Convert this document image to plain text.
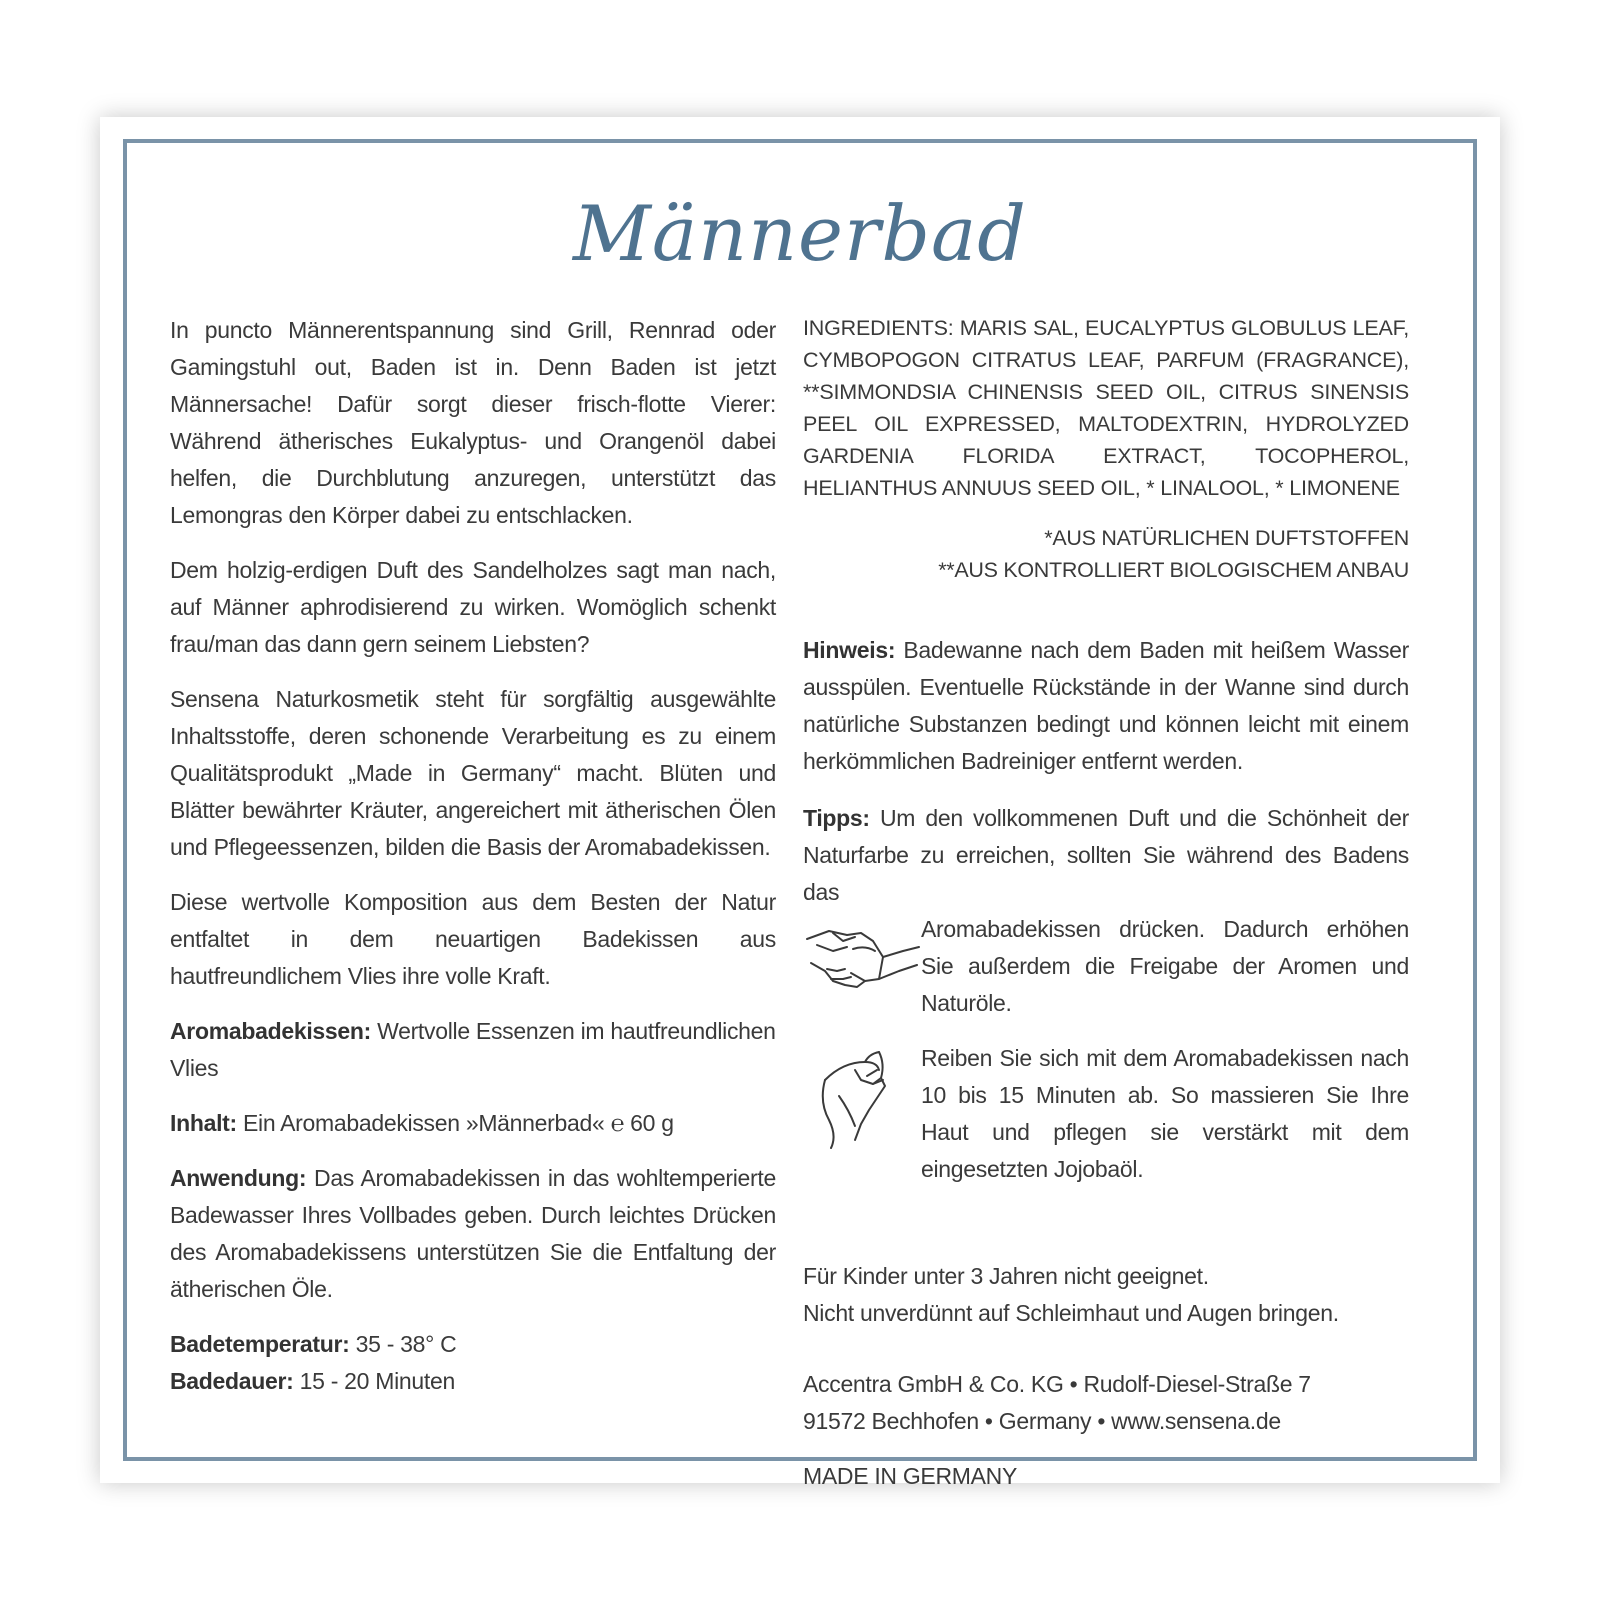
Männerbad

In puncto Männerentspannung sind Grill, Rennrad oder Gamingstuhl out, Baden ist in. Denn Baden ist jetzt Männersache! Dafür sorgt dieser frisch-flotte Vierer: Während ätherisches Eukalyptus- und Orangenöl dabei helfen, die Durchblutung anzuregen, unterstützt das Lemongras den Körper dabei zu entschlacken.

Dem holzig-erdigen Duft des Sandelholzes sagt man nach, auf Männer aphrodisierend zu wirken. Womöglich schenkt frau/man das dann gern seinem Liebsten?

Sensena Naturkosmetik steht für sorgfältig ausgewählte Inhaltsstoffe, deren schonende Verarbeitung es zu einem Qualitätsprodukt „Made in Germany“ macht. Blüten und Blätter bewährter Kräuter, angereichert mit ätherischen Ölen und Pflegeessenzen, bilden die Basis der Aromabadekissen.

Diese wertvolle Komposition aus dem Besten der Natur entfaltet in dem neuartigen Badekissen aus hautfreundlichem Vlies ihre volle Kraft.

Aromabadekissen: Wertvolle Essenzen im hautfreundlichen Vlies

Inhalt: Ein Aromabadekissen »Männerbad« ℮ 60 g

Anwendung: Das Aromabadekissen in das wohltemperierte Badewasser Ihres Vollbades geben. Durch leichtes Drücken des Aromabadekissens unterstützen Sie die Entfaltung der ätherischen Öle.

Badetemperatur: 35 - 38° C

Badedauer: 15 - 20 Minuten

INGREDIENTS: MARIS SAL, EUCALYPTUS GLOBULUS LEAF, CYMBOPOGON CITRATUS LEAF, PARFUM (FRAGRANCE), **SIMMONDSIA CHINENSIS SEED OIL, CITRUS SINENSIS PEEL OIL EXPRESSED, MALTODEXTRIN, HYDROLYZED GARDENIA FLORIDA EXTRACT, TOCOPHEROL, HELIANTHUS ANNUUS SEED OIL, * LINALOOL, * LIMONENE

*AUS NATÜRLICHEN DUFTSTOFFEN

**AUS KONTROLLIERT BIOLOGISCHEM ANBAU

Hinweis: Badewanne nach dem Baden mit heißem Wasser ausspülen. Eventuelle Rückstände in der Wanne sind durch natürliche Substanzen bedingt und können leicht mit einem herkömmlichen Badreiniger entfernt werden.

Tipps: Um den vollkommenen Duft und die Schönheit der Naturfarbe zu erreichen, sollten Sie während des Badens das

Aromabadekissen drücken. Dadurch erhöhen Sie außerdem die Freigabe der Aromen und Naturöle.

Reiben Sie sich mit dem Aromabadekissen nach 10 bis 15 Minuten ab. So massieren Sie Ihre Haut und pflegen sie verstärkt mit dem eingesetzten Jojobaöl.

Für Kinder unter 3 Jahren nicht geeignet.

Nicht unverdünnt auf Schleimhaut und Augen bringen.

Accentra GmbH & Co. KG • Rudolf-Diesel-Straße 7

91572 Bechhofen • Germany • www.sensena.de

MADE IN GERMANY
